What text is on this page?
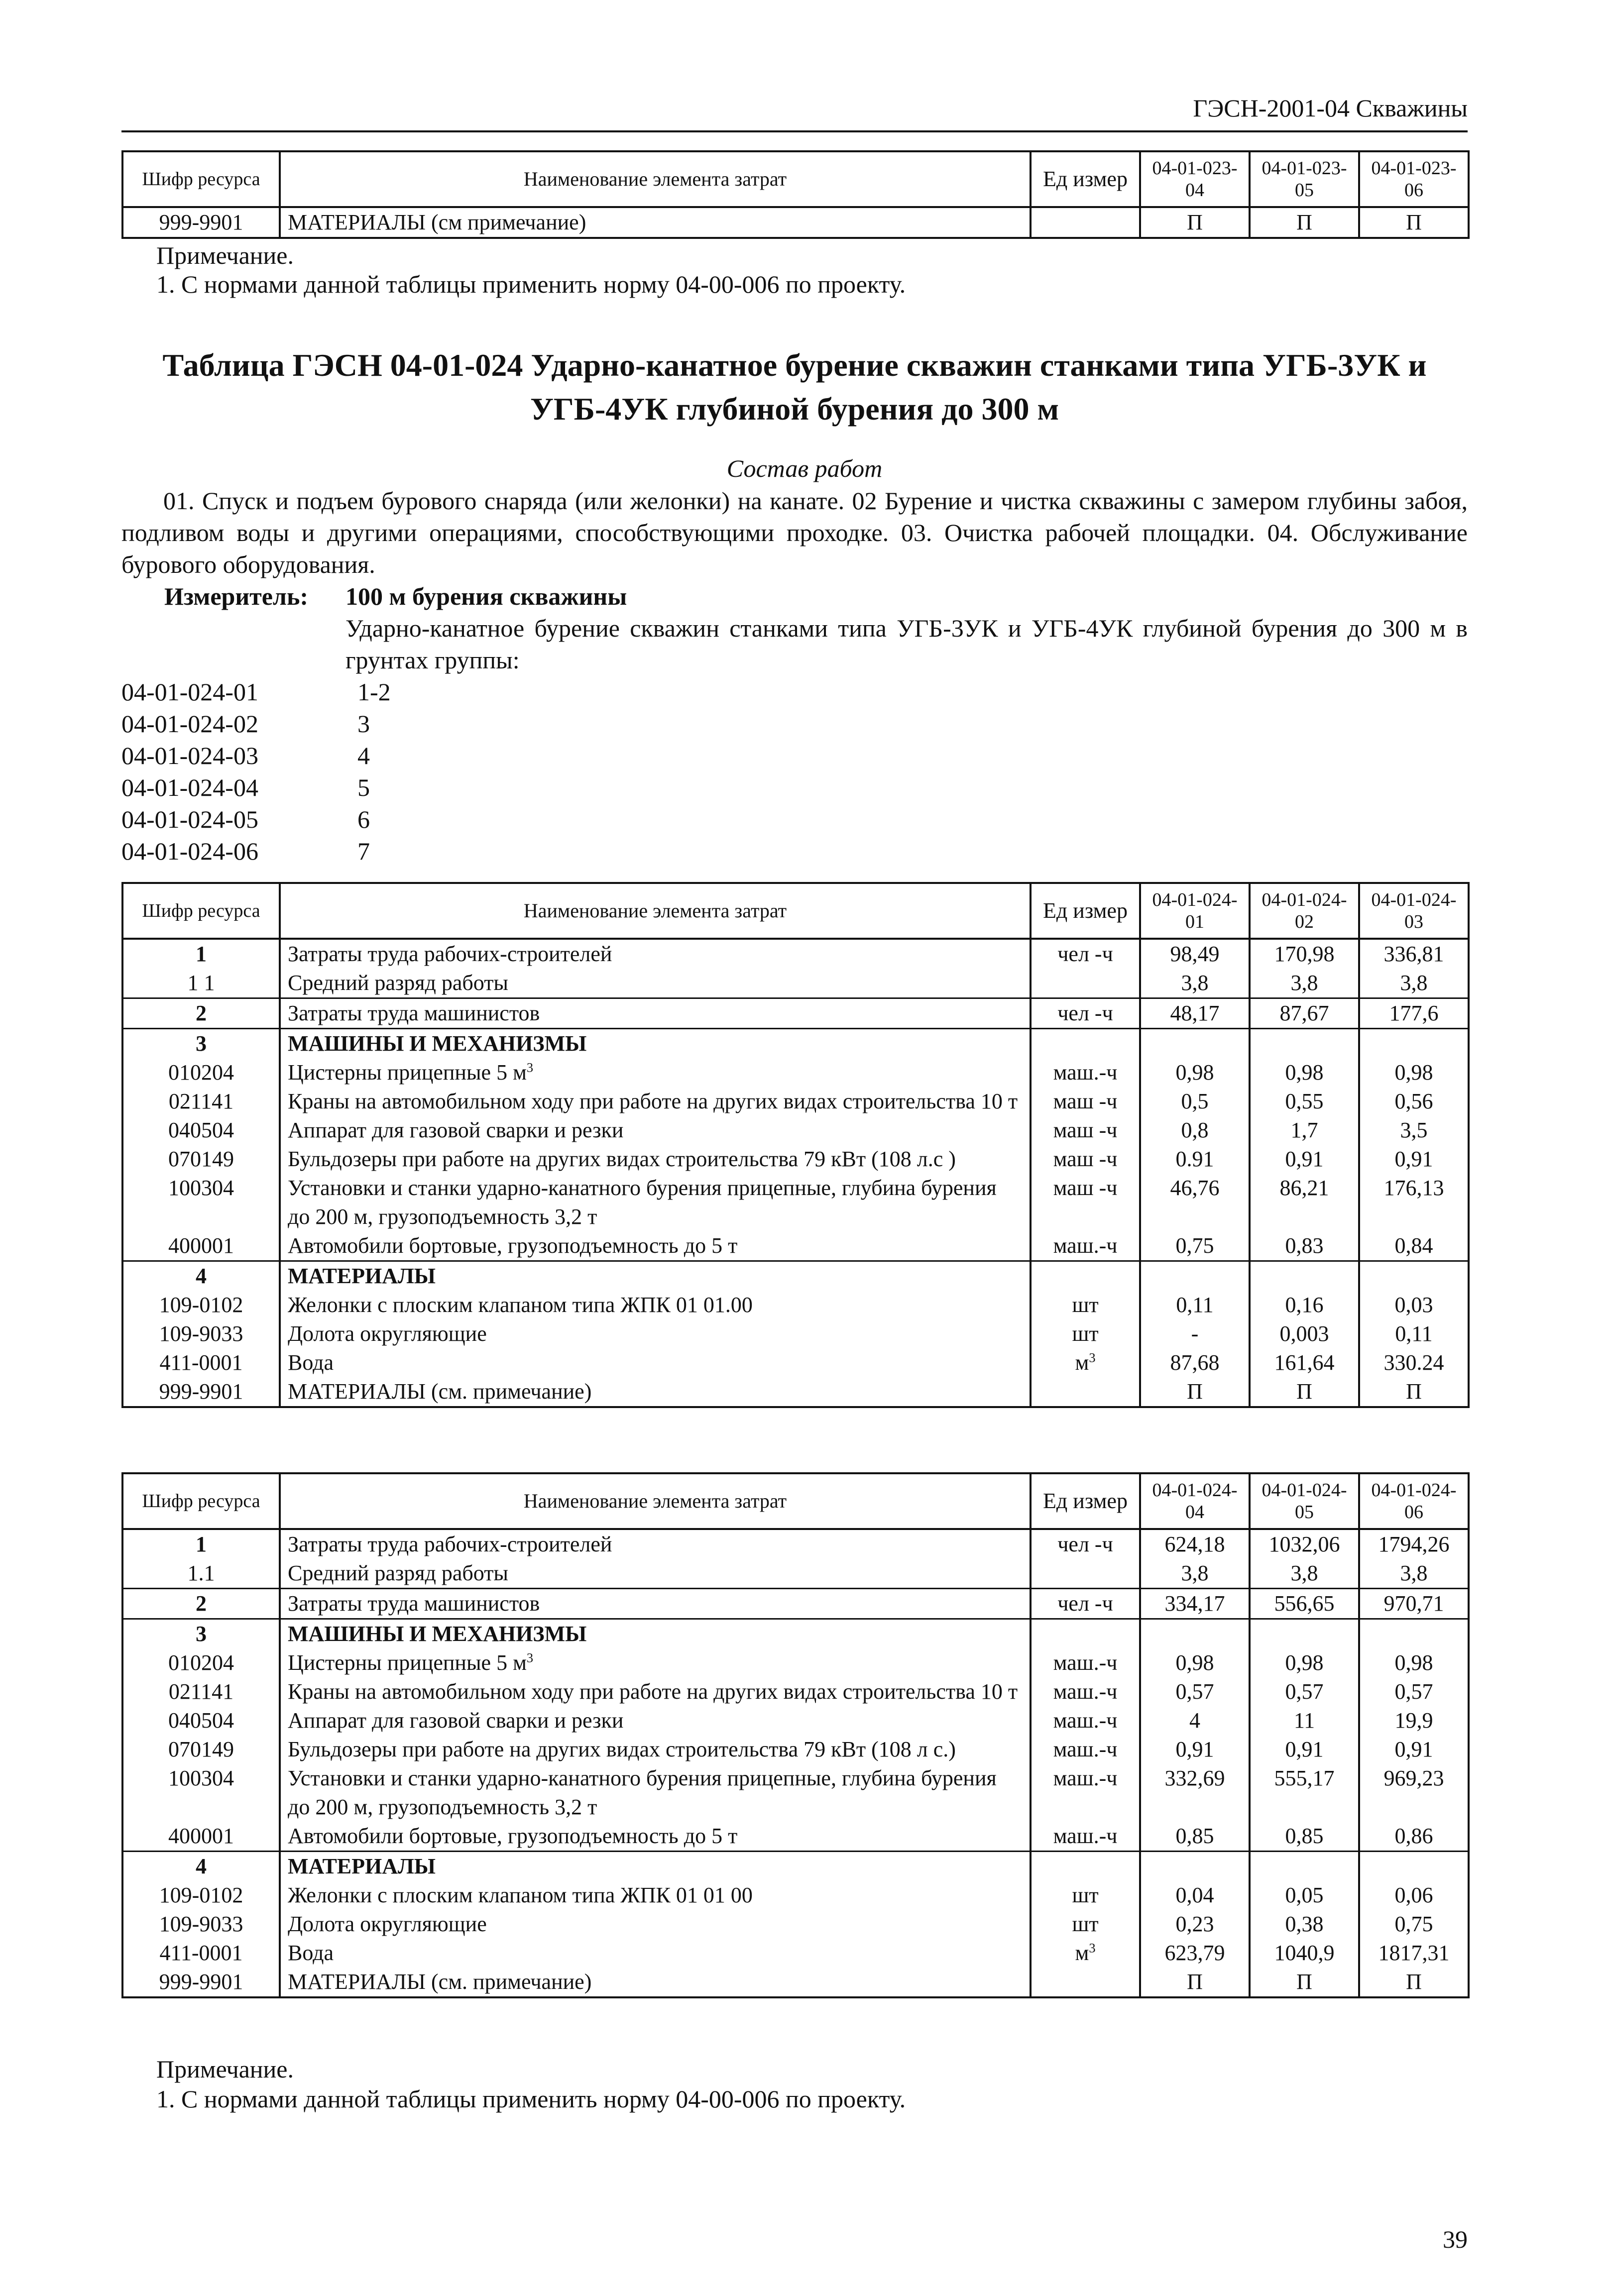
ГЭСН-2001-04 Скважины
Шифр ресурса	Наименование элемента затрат	Ед измер	04-01-023-04	04-01-023-05	04-01-023-06
999-9901	МАТЕРИАЛЫ (см примечание)		П	П	П
Примечание.
1. С нормами данной таблицы применить норму 04-00-006 по проекту.
Таблица ГЭСН 04-01-024 Ударно-канатное бурение скважин станками типа УГБ-3УК и
УГБ-4УК глубиной бурения до 300 м
Состав работ
01. Спуск и подъем бурового снаряда (или желонки) на канате. 02 Бурение и чистка скважины с замером глубины забоя, подливом воды и другими операциями, способствующими проходке. 03. Очистка рабочей площадки. 04. Обслуживание бурового оборудования.
Измеритель: 100 м бурения скважины
Ударно-канатное бурение скважин станками типа УГБ-3УК и УГБ-4УК глубиной бурения до 300 м в грунтах группы:
04-01-024-01	1-2
04-01-024-02	3
04-01-024-03	4
04-01-024-04	5
04-01-024-05	6
04-01-024-06	7
Шифр ресурса	Наименование элемента затрат	Ед измер	04-01-024-01	04-01-024-02	04-01-024-03
1	Затраты труда рабочих-строителей	чел -ч	98,49	170,98	336,81
1 1	Средний разряд работы		3,8	3,8	3,8
2	Затраты труда машинистов	чел -ч	48,17	87,67	177,6
3	МАШИНЫ И МЕХАНИЗМЫ				
010204	Цистерны прицепные 5 $м^3$	маш.-ч	0,98	0,98	0,98
021141	Краны на автомобильном ходу при работе на других видах строительства 10 т	маш -ч	0,5	0,55	0,56
040504	Аппарат для газовой сварки и резки	маш -ч	0,8	1,7	3,5
070149	Бульдозеры при работе на других видах строительства 79 кВт (108 л.с )	маш -ч	0.91	0,91	0,91
100304	Установки и станки ударно-канатного бурения прицепные, глубина бурения до 200 м, грузоподъемность 3,2 т	маш -ч	46,76	86,21	176,13
400001	Автомобили бортовые, грузоподъемность до 5 т	маш.-ч	0,75	0,83	0,84
4	МАТЕРИАЛЫ				
109-0102	Желонки с плоским клапаном типа ЖПК 01 01.00	шт	0,11	0,16	0,03
109-9033	Долота округляющие	шт	-	0,003	0,11
411-0001	Вода	$м^3$	87,68	161,64	330.24
999-9901	МАТЕРИАЛЫ (см. примечание)		П	П	П
Шифр ресурса	Наименование элемента затрат	Ед измер	04-01-024-04	04-01-024-05	04-01-024-06
1	Затраты труда рабочих-строителей	чел -ч	624,18	1032,06	1794,26
1.1	Средний разряд работы		3,8	3,8	3,8
2	Затраты труда машинистов	чел -ч	334,17	556,65	970,71
3	МАШИНЫ И МЕХАНИЗМЫ				
010204	Цистерны прицепные 5 $м^3$	маш.-ч	0,98	0,98	0,98
021141	Краны на автомобильном ходу при работе на других видах строительства 10 т	маш.-ч	0,57	0,57	0,57
040504	Аппарат для газовой сварки и резки	маш.-ч	4	11	19,9
070149	Бульдозеры при работе на других видах строительства 79 кВт (108 л с.)	маш.-ч	0,91	0,91	0,91
100304	Установки и станки ударно-канатного бурения прицепные, глубина бурения до 200 м, грузоподъемность 3,2 т	маш.-ч	332,69	555,17	969,23
400001	Автомобили бортовые, грузоподъемность до 5 т	маш.-ч	0,85	0,85	0,86
4	МАТЕРИАЛЫ				
109-0102	Желонки с плоским клапаном типа ЖПК 01 01 00	шт	0,04	0,05	0,06
109-9033	Долота округляющие	шт	0,23	0,38	0,75
411-0001	Вода	$м^3$	623,79	1040,9	1817,31
999-9901	МАТЕРИАЛЫ (см. примечание)		П	П	П
Примечание.
1. С нормами данной таблицы применить норму 04-00-006 по проекту.
39
